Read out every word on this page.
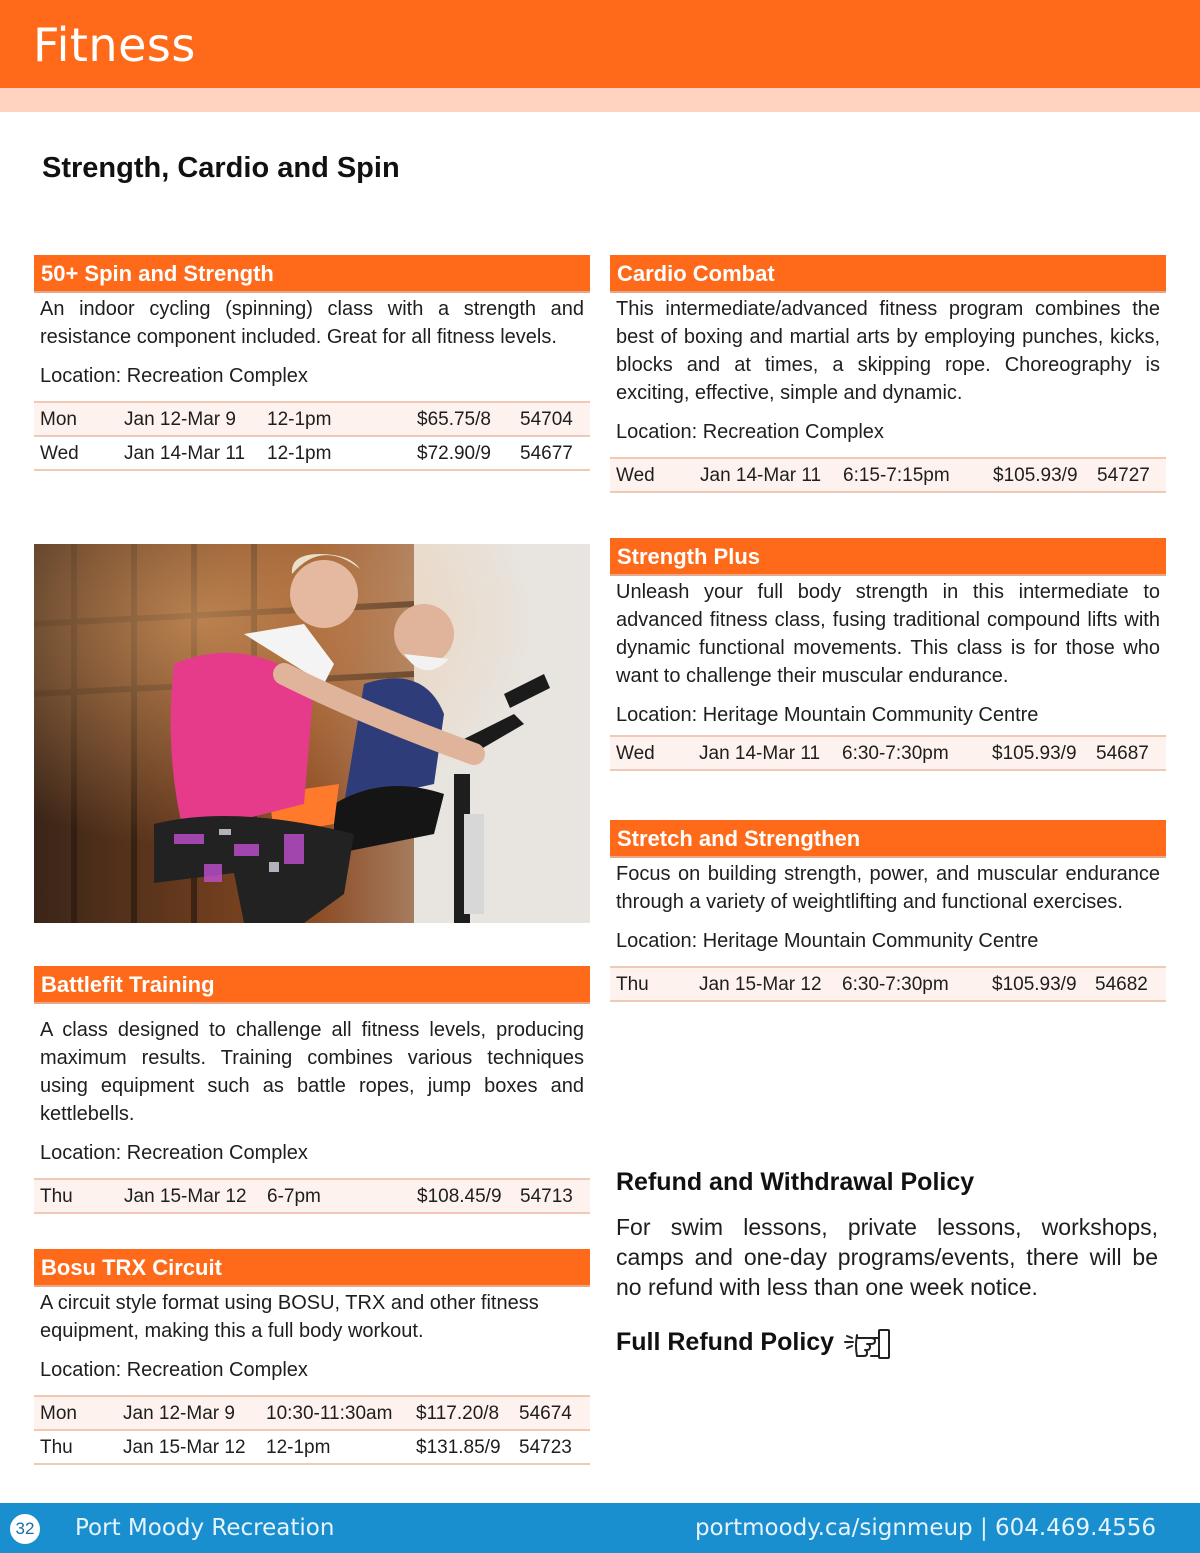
Fitness
Strength, Cardio and Spin
50+ Spin and Strength
An indoor cycling (spinning) class with a strength and resistance component included. Great for all fitness levels.
Location: Recreation Complex
Mon Jan 12-Mar 9 12-1pm	$65.75/8 54704
Wed Jan 14-Mar 11 12-1pm	$72.90/9 54677
Battlefit Training
A class designed to challenge all fitness levels, producing maximum results. Training combines various techniques using equipment such as battle ropes, jump boxes and kettlebells.
Location: Recreation Complex
Thu	Jan 15-Mar 12 6-7pm	$108.45/9 54713
Bosu TRX Circuit
A circuit style format using BOSU, TRX and other fitness equipment, making this a full body workout.
Location: Recreation Complex
Mon Jan 12-Mar 9 10:30-11:30am $117.20/8 54674
Thu	Jan 15-Mar 12 12-1pm	$131.85/9 54723
Cardio Combat
This intermediate/advanced fitness program combines the best of boxing and martial arts by employing punches, kicks, blocks and at times, a skipping rope. Choreography is exciting, effective, simple and dynamic.
Location: Recreation Complex
Wed Jan 14-Mar 11 6:15-7:15pm $105.93/9 54727
Strength Plus
Unleash your full body strength in this intermediate to advanced fitness class, fusing traditional compound lifts with dynamic functional movements. This class is for those who want to challenge their muscular endurance.
Location: Heritage Mountain Community Centre
Wed Jan 14-Mar 11 6:30-7:30pm $105.93/9 54687
Stretch and Strengthen
Focus on building strength, power, and muscular endurance through a variety of weightlifting and functional exercises.
Location: Heritage Mountain Community Centre
Thu	Jan 15-Mar 12 6:30-7:30pm $105.93/9 54682
Refund and Withdrawal Policy

For swim lessons, private lessons, workshops, camps and one-day programs/events, there will be no refund with less than one week notice.

Full Refund Policy
32 Port Moody Recreation	portmoody.ca/signmeup | 604.469.4556
